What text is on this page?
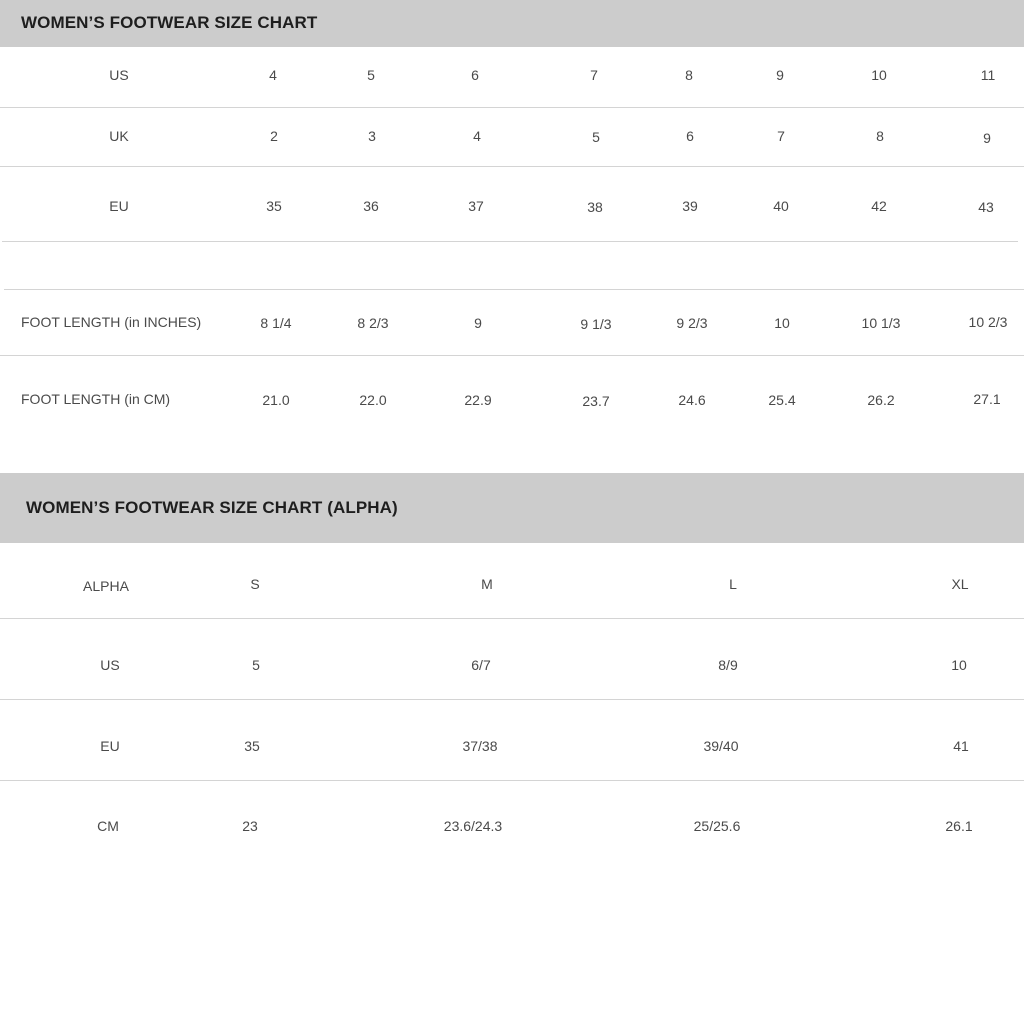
WOMEN’S FOOTWEAR SIZE CHART
US	4	5	6	7	8	9	10	11
UK	2	3	4	5	6	7	8	9
EU	35	36	37	38	39	40	42	43
FOOT LENGTH (in INCHES)	8 1/4	8 2/3	9	9 1/3	9 2/3	10	10 1/3	10 2/3
FOOT LENGTH (in CM)	21.0	22.0	22.9	23.7	24.6	25.4	26.2	27.1
WOMEN’S FOOTWEAR SIZE CHART (ALPHA)
ALPHA	S	M	L	XL
US	5	6/7	8/9	10
EU	35	37/38	39/40	41
CM	23	23.6/24.3	25/25.6	26.1
